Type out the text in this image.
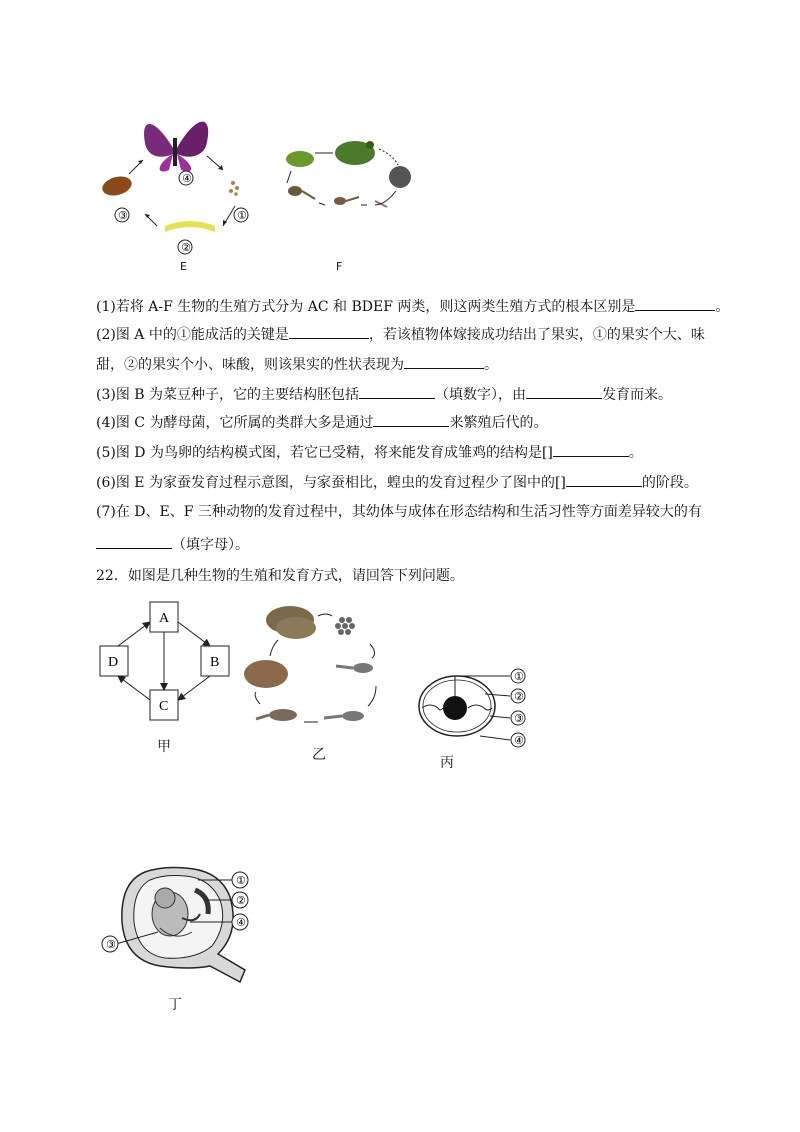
④
①
②
③
E	F
(1)若将 A-F 生物的生殖方式分为 AC 和 BDEF 两类，则这两类生殖方式的根本区别是	。
(2)图 A 中的①能成活的关键是	，若该植物体嫁接成功结出了果实，①的果实个大、味
甜，②的果实个小、味酸，则该果实的性状表现为	。
(3)图 B 为菜豆种子，它的主要结构胚包括	（填数字），由	发育而来。
(4)图 C 为酵母菌，它所属的类群大多是通过	来繁殖后代的。
(5)图 D 为鸟卵的结构模式图，若它已受精，将来能发育成雏鸡的结构是[]	。
(6)图 E 为家蚕发育过程示意图，与家蚕相比，蝗虫的发育过程少了图中的[]	的阶段。
(7)在 D、E、F 三种动物的发育过程中，其幼体与成体在形态结构和生活习性等方面差异较大的有
（填字母）。
22．如图是几种生物的生殖和发育方式，请回答下列问题。
A
B
C
D
甲	乙
①
②
③
④
丙
①
②
④
③
丁
